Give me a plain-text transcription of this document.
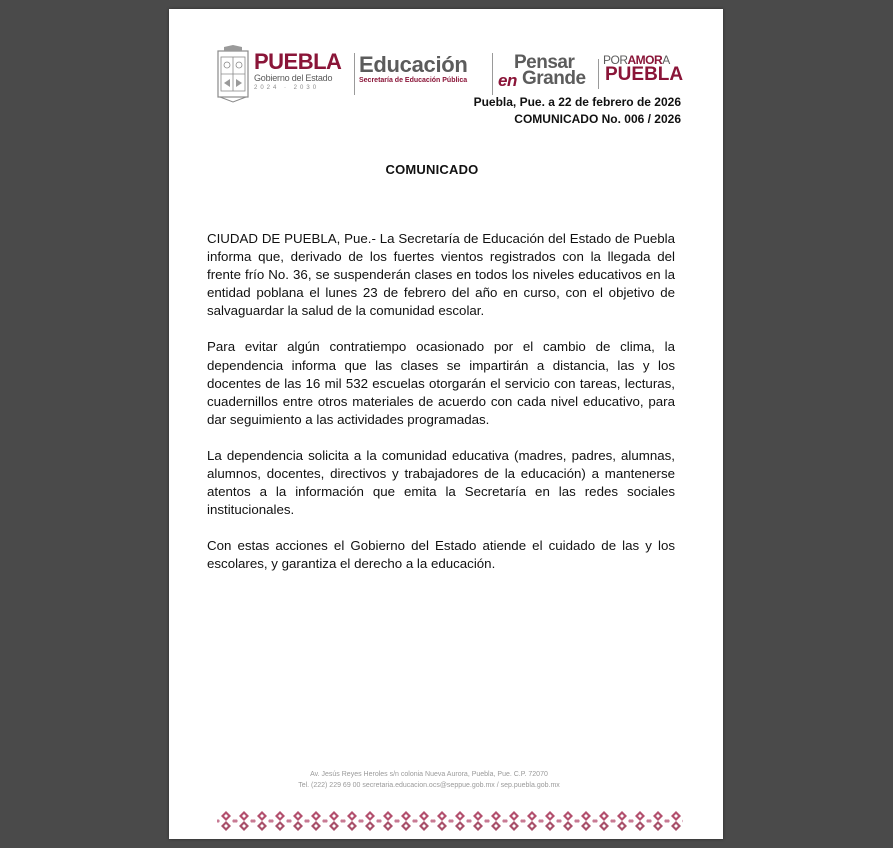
PUEBLA
Gobierno del Estado
2024 · 2030
Educación
Secretaría de Educación Pública
Pensar
en Grande
PORAMORA
PUEBLA
Puebla, Pue. a 22 de febrero de 2026
COMUNICADO No. 006 / 2026
COMUNICADO

CIUDAD DE PUEBLA, Pue.- La Secretaría de Educación del Estado de Puebla informa que, derivado de los fuertes vientos registrados con la llegada del frente frío No. 36, se suspenderán clases en todos los niveles educativos en la entidad poblana el lunes 23 de febrero del año en curso, con el objetivo de salvaguardar la salud de la comunidad escolar.

Para evitar algún contratiempo ocasionado por el cambio de clima, la dependencia informa que las clases se impartirán a distancia, las y los docentes de las 16 mil 532 escuelas otorgarán el servicio con tareas, lecturas, cuadernillos entre otros materiales de acuerdo con cada nivel educativo, para dar seguimiento a las actividades programadas.

La dependencia solicita a la comunidad educativa (madres, padres, alumnas, alumnos, docentes, directivos y trabajadores de la educación) a mantenerse atentos a la información que emita la Secretaría en las redes sociales institucionales.

Con estas acciones el Gobierno del Estado atiende el cuidado de las y los escolares, y garantiza el derecho a la educación.

Av. Jesús Reyes Heroles s/n colonia Nueva Aurora, Puebla, Pue. C.P. 72070
Tel. (222) 229 69 00 secretaria.educacion.ocs@seppue.gob.mx / sep.puebla.gob.mx
